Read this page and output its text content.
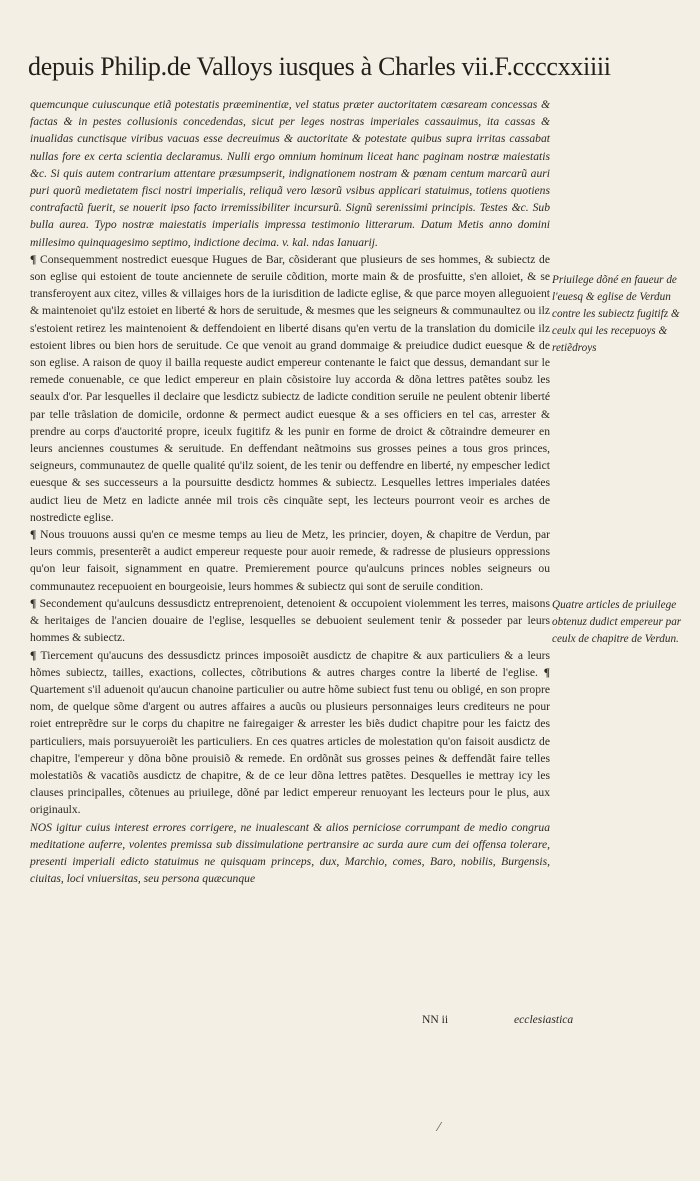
depuis Philip.de Valloys iusques à Charles vii.F.ccccxxiiii

quemcunque cuiuscunque etiã potestatis præeminentiæ, vel status præter auctoritatem cæsaream concessas & factas & in pestes collusionis concedendas, sicut per leges nostras imperiales cassauimus, ita cassas & inualidas cunctisque viribus vacuas esse decreuimus & auctoritate & potestate quibus supra irritas cassabat nullas fore ex certa scientia declaramus. Nulli ergo omnium hominum liceat hanc paginam nostræ maiestatis &c. Si quis autem contrarium attentare præsumpserit, indignationem nostram & pœnam centum marcarũ auri puri quorũ medietatem fisci nostri imperialis, reliquã vero læsorũ vsibus applicari statuimus, totiens quotiens contrafactũ fuerit, se nouerit ipso facto irremissibiliter incursurũ. Signũ serenissimi principis. Testes &c. Sub bulla aurea. Typo nostræ maiestatis imperialis impressa testimonio litterarum. Datum Metis anno domini millesimo quinquagesimo septimo, indictione decima. v. kal. ndas Ianuarij.

¶ Consequemment nostredict euesque Hugues de Bar, cõsiderant que plusieurs de ses hommes, & subiectz de son eglise qui estoient de toute anciennete de seruile cõdition, morte main & de prosfuitte, s'en alloiet, & se transferoyent aux citez, villes & villaiges hors de la iurisdition de ladicte eglise, & que parce moyen alleguoient & maintenoiet qu'ilz estoiet en liberté & hors de seruitude, & mesmes que les seigneurs & communaultez ou ilz s'estoient retirez les maintenoient & deffendoient en liberté disans qu'en vertu de la translation du domicile ilz estoient libres ou bien hors de seruitude. Ce que venoit au grand dommaige & preiudice dudict euesque & de son eglise. A raison de quoy il bailla requeste audict empereur contenante le faict que dessus, demandant sur le remede conuenable, ce que ledict empereur en plain cõsistoire luy accorda & dõna lettres patẽtes soubz les seaulx d'or. Par lesquelles il declaire que lesdictz subiectz de ladicte condition seruile ne peulent obtenir liberté par telle trãslation de domicile, ordonne & permect audict euesque & a ses officiers en tel cas, arrester & prendre au corps d'auctorité propre, iceulx fugitifz & les punir en forme de droict & cõtraindre demeurer en leurs anciennes coustumes & seruitude. En deffendant neãtmoins sus grosses peines a tous gros princes, seigneurs, communautez de quelle qualité qu'ilz soient, de les tenir ou deffendre en liberté, ny empescher ledict euesque & ses successeurs a la poursuitte desdictz hommes & subiectz. Lesquelles lettres imperiales datées audict lieu de Metz en ladicte année mil trois cẽs cinquãte sept, les lecteurs pourront veoir es arches de nostredicte eglise.

¶ Nous trouuons aussi qu'en ce mesme temps au lieu de Metz, les princier, doyen, & chapitre de Verdun, par leurs commis, presenterẽt a audict empereur requeste pour auoir remede, & radresse de plusieurs oppressions qu'on leur faisoit, signamment en quatre. Premierement pource qu'aulcuns princes nobles seigneurs ou communautez recepuoient en bourgeoisie, leurs hommes & subiectz qui sont de seruile condition.

¶ Secondement qu'aulcuns dessusdictz entreprenoient, detenoient & occupoient violemment les terres, maisons & heritaiges de l'ancien douaire de l'eglise, lesquelles se debuoient seulement tenir & posseder par leurs hommes & subiectz.

¶ Tiercement qu'aucuns des dessusdictz princes imposoiẽt ausdictz de chapitre & aux particuliers & a leurs hõmes subiectz, tailles, exactions, collectes, cõtributions & autres charges contre la liberté de l'eglise. ¶ Quartement s'il aduenoit qu'aucun chanoine particulier ou autre hõme subiect fust tenu ou obligé, en son propre nom, de quelque sõme d'argent ou autres affaires a aucũs ou plusieurs personnaiges leurs crediteurs ne pour roiet entreprẽdre sur le corps du chapitre ne fairegaiger & arrester les biẽs dudict chapitre pour les faictz des particuliers, mais porsuyueroiẽt les particuliers. En ces quatres articles de molestation qu'on faisoit ausdictz de chapitre, l'empereur y dõna bõne prouisiõ & remede. En ordõnãt sus grosses peines & deffendãt faire telles molestatiõs & vacatiõs ausdictz de chapitre, & de ce leur dõna lettres patẽtes. Desquelles ie mettray icy les clauses principalles, cõtenues au priuilege, dõné par ledict empereur renuoyant les lecteurs pour le plus, aux originaulx.

NOS igitur cuius interest errores corrigere, ne inualescant & alios perniciose corrumpant de medio congrua meditatione auferre, volentes premissa sub dissimulatione pertransire ac surda aure cum dei offensa tolerare, presenti imperiali edicto statuimus ne quisquam princeps, dux, Marchio, comes, Baro, nobilis, Burgensis, ciuitas, loci vniuersitas, seu persona quæcunque

Priuilege dõné en faueur de l'euesq & eglise de Verdun contre les subiectz fugitifz & ceulx qui les recepuoys & retiẽdroys
Quatre articles de priuilege obtenuz dudict empereur par ceulx de chapitre de Verdun.
NN ii	ecclesiastica
⁄
